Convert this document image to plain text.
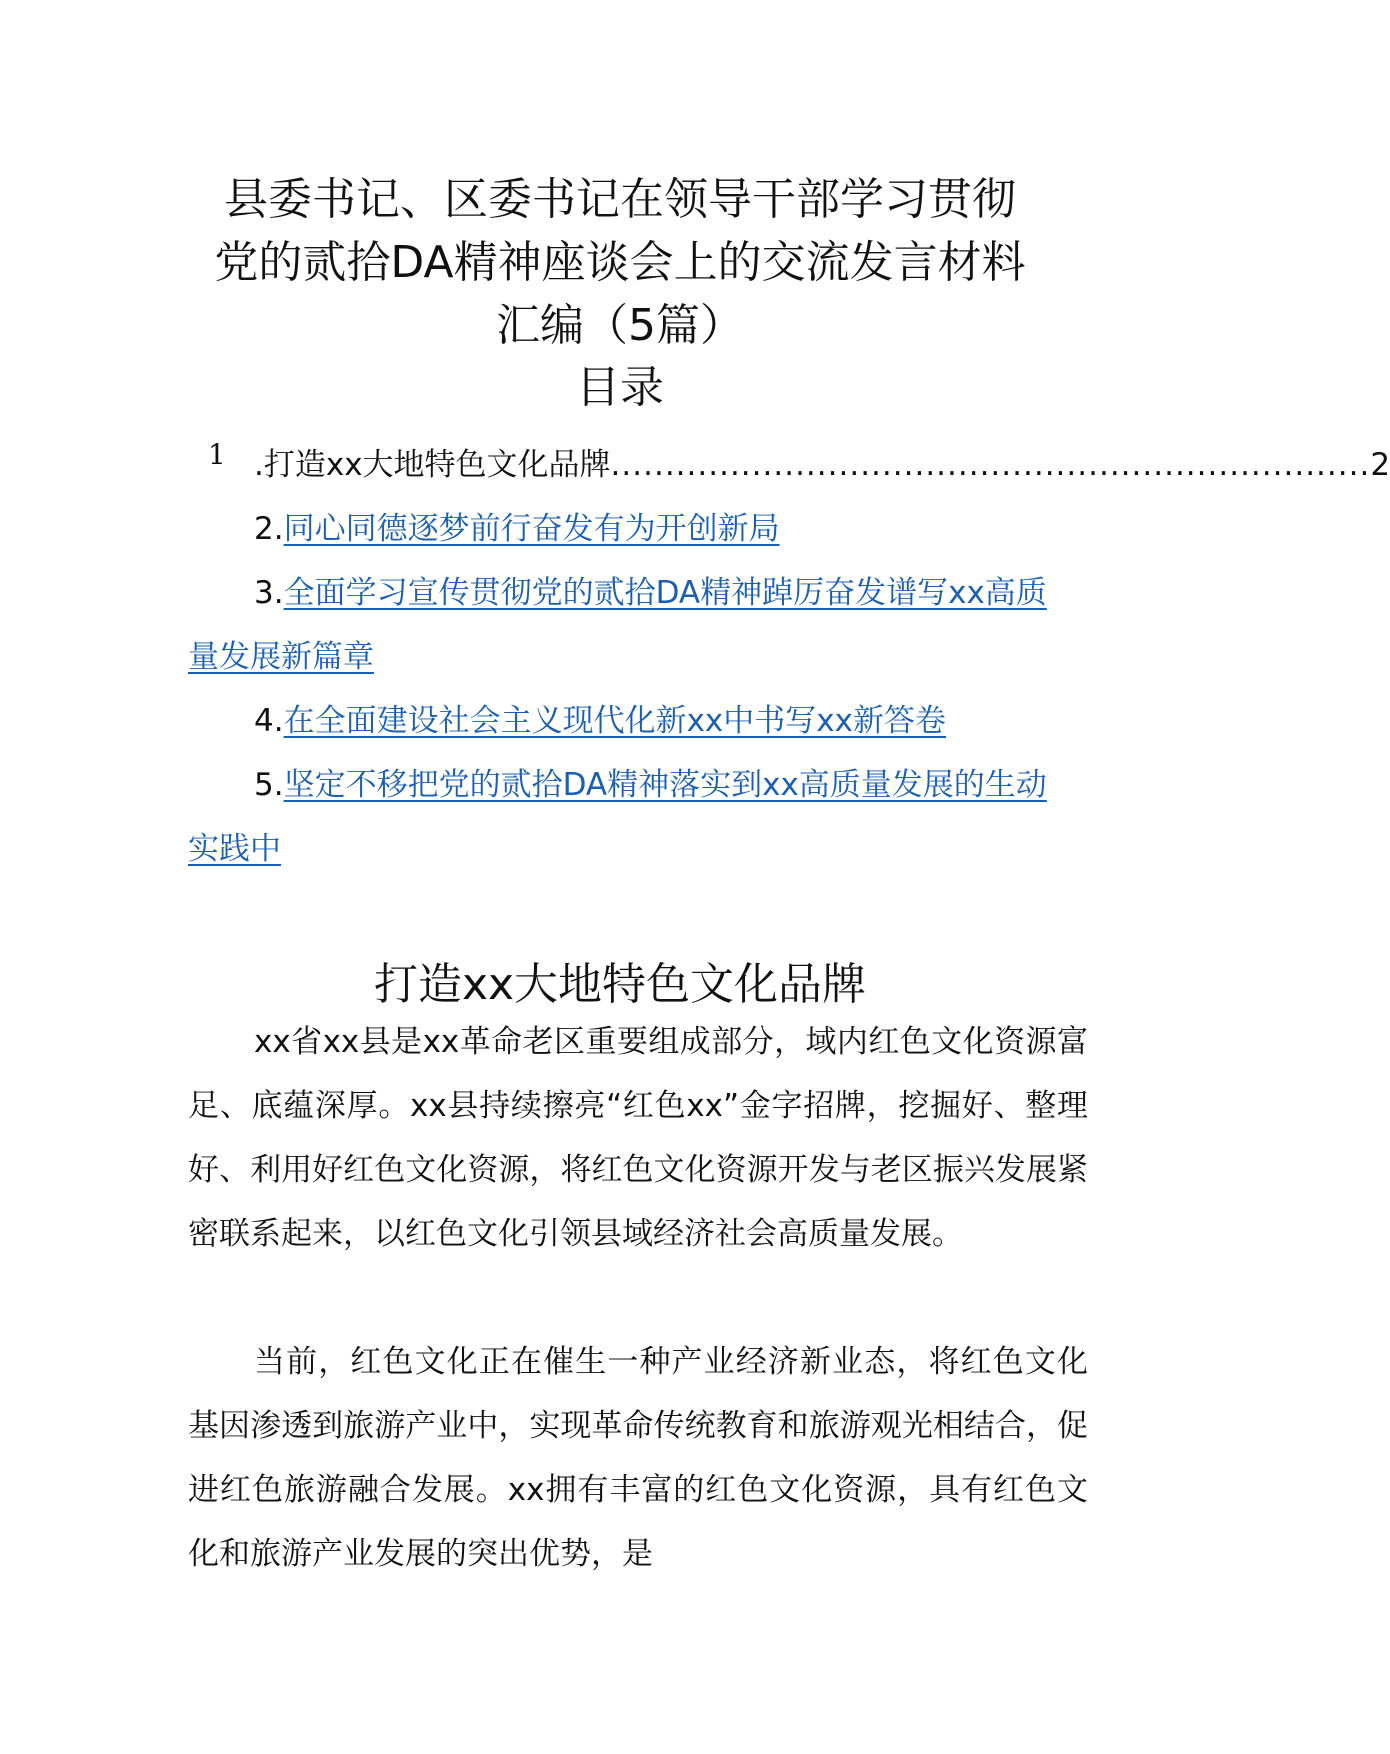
县委书记、区委书记在领导干部学习贯彻
党的贰拾DA精神座谈会上的交流发言材料
汇编（5篇）
目录
1 .打造xx大地特色文化品牌 ...................................................................... 2
2.同心同德逐梦前行奋发有为开创新局
3.全面学习宣传贯彻党的贰拾DA精神踔厉奋发谱写xx高质量发展新篇章
4.在全面建设社会主义现代化新xx中书写xx新答卷
5.坚定不移把党的贰拾DA精神落实到xx高质量发展的生动实践中
打造xx大地特色文化品牌

xx省xx县是xx革命老区重要组成部分，域内红色文化资源富足、底蕴深厚。xx县持续擦亮“红色xx”金字招牌，挖掘好、整理好、利用好红色文化资源，将红色文化资源开发与老区振兴发展紧密联系起来，以红色文化引领县域经济社会高质量发展。

当前，红色文化正在催生一种产业经济新业态，将红色文化基因渗透到旅游产业中，实现革命传统教育和旅游观光相结合，促进红色旅游融合发展。xx拥有丰富的红色文化资源，具有红色文化和旅游产业发展的突出优势，是
